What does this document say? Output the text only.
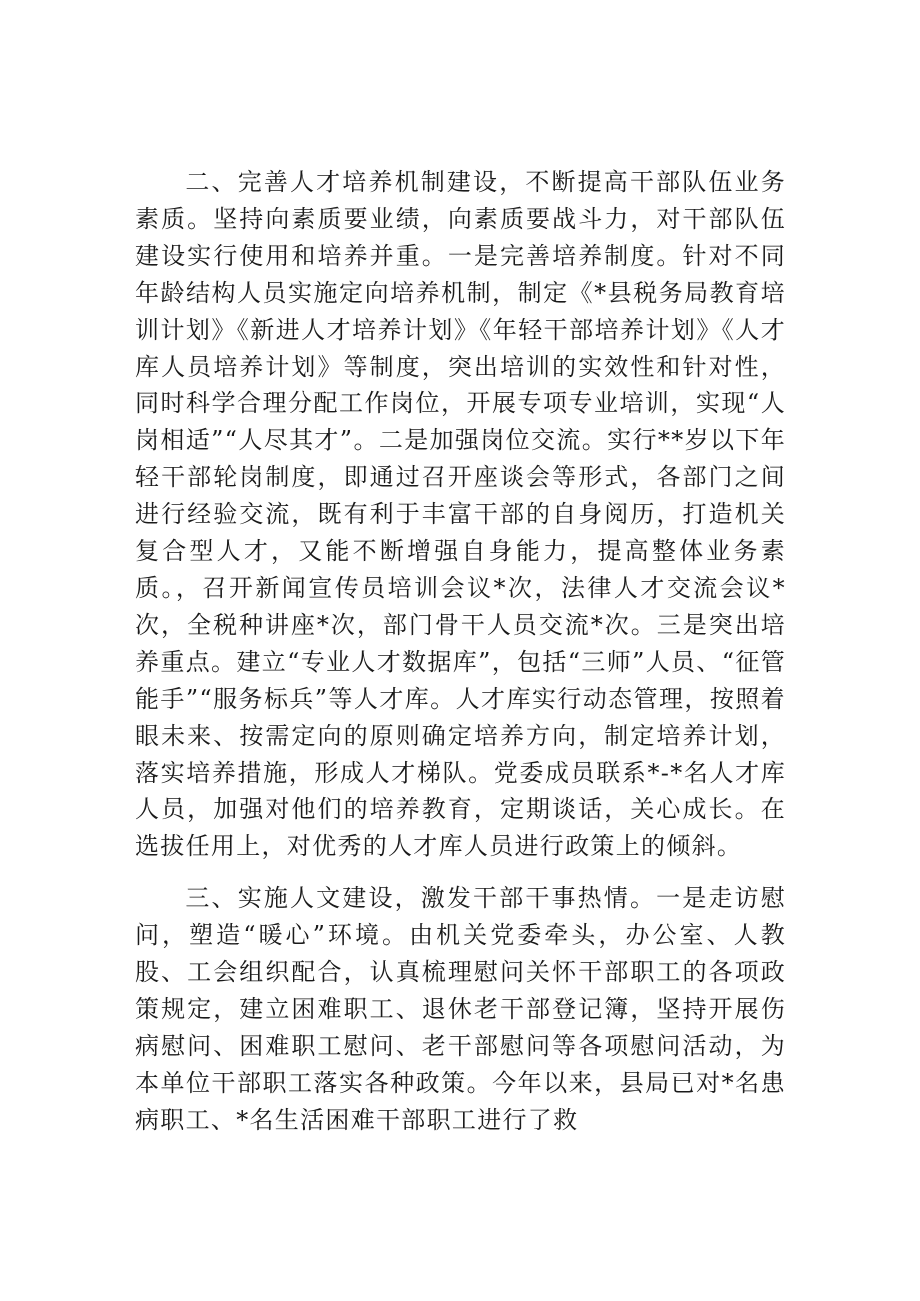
二、完善人才培养机制建设，不断提高干部队伍业务素质。坚持向素质要业绩，向素质要战斗力，对干部队伍建设实行使用和培养并重。一是完善培养制度。针对不同年龄结构人员实施定向培养机制，制定《*县税务局教育培训计划》《新进人才培养计划》《年轻干部培养计划》《人才库人员培养计划》等制度，突出培训的实效性和针对性，同时科学合理分配工作岗位，开展专项专业培训，实现“人岗相适”“人尽其才”。二是加强岗位交流。实行**岁以下年轻干部轮岗制度，即通过召开座谈会等形式，各部门之间进行经验交流，既有利于丰富干部的自身阅历，打造机关复合型人才，又能不断增强自身能力，提高整体业务素质。，召开新闻宣传员培训会议*次，法律人才交流会议*次，全税种讲座*次，部门骨干人员交流*次。三是突出培养重点。建立“专业人才数据库”，包括“三师”人员、“征管能手”“服务标兵”等人才库。人才库实行动态管理，按照着眼未来、按需定向的原则确定培养方向，制定培养计划，落实培养措施，形成人才梯队。党委成员联系*-*名人才库人员，加强对他们的培养教育，定期谈话，关心成长。在选拔任用上，对优秀的人才库人员进行政策上的倾斜。

三、实施人文建设，激发干部干事热情。一是走访慰问，塑造“暖心”环境。由机关党委牵头，办公室、人教股、工会组织配合，认真梳理慰问关怀干部职工的各项政策规定，建立困难职工、退休老干部登记簿，坚持开展伤病慰问、困难职工慰问、老干部慰问等各项慰问活动，为本单位干部职工落实各种政策。今年以来，县局已对*名患病职工、*名生活困难干部职工进行了救
